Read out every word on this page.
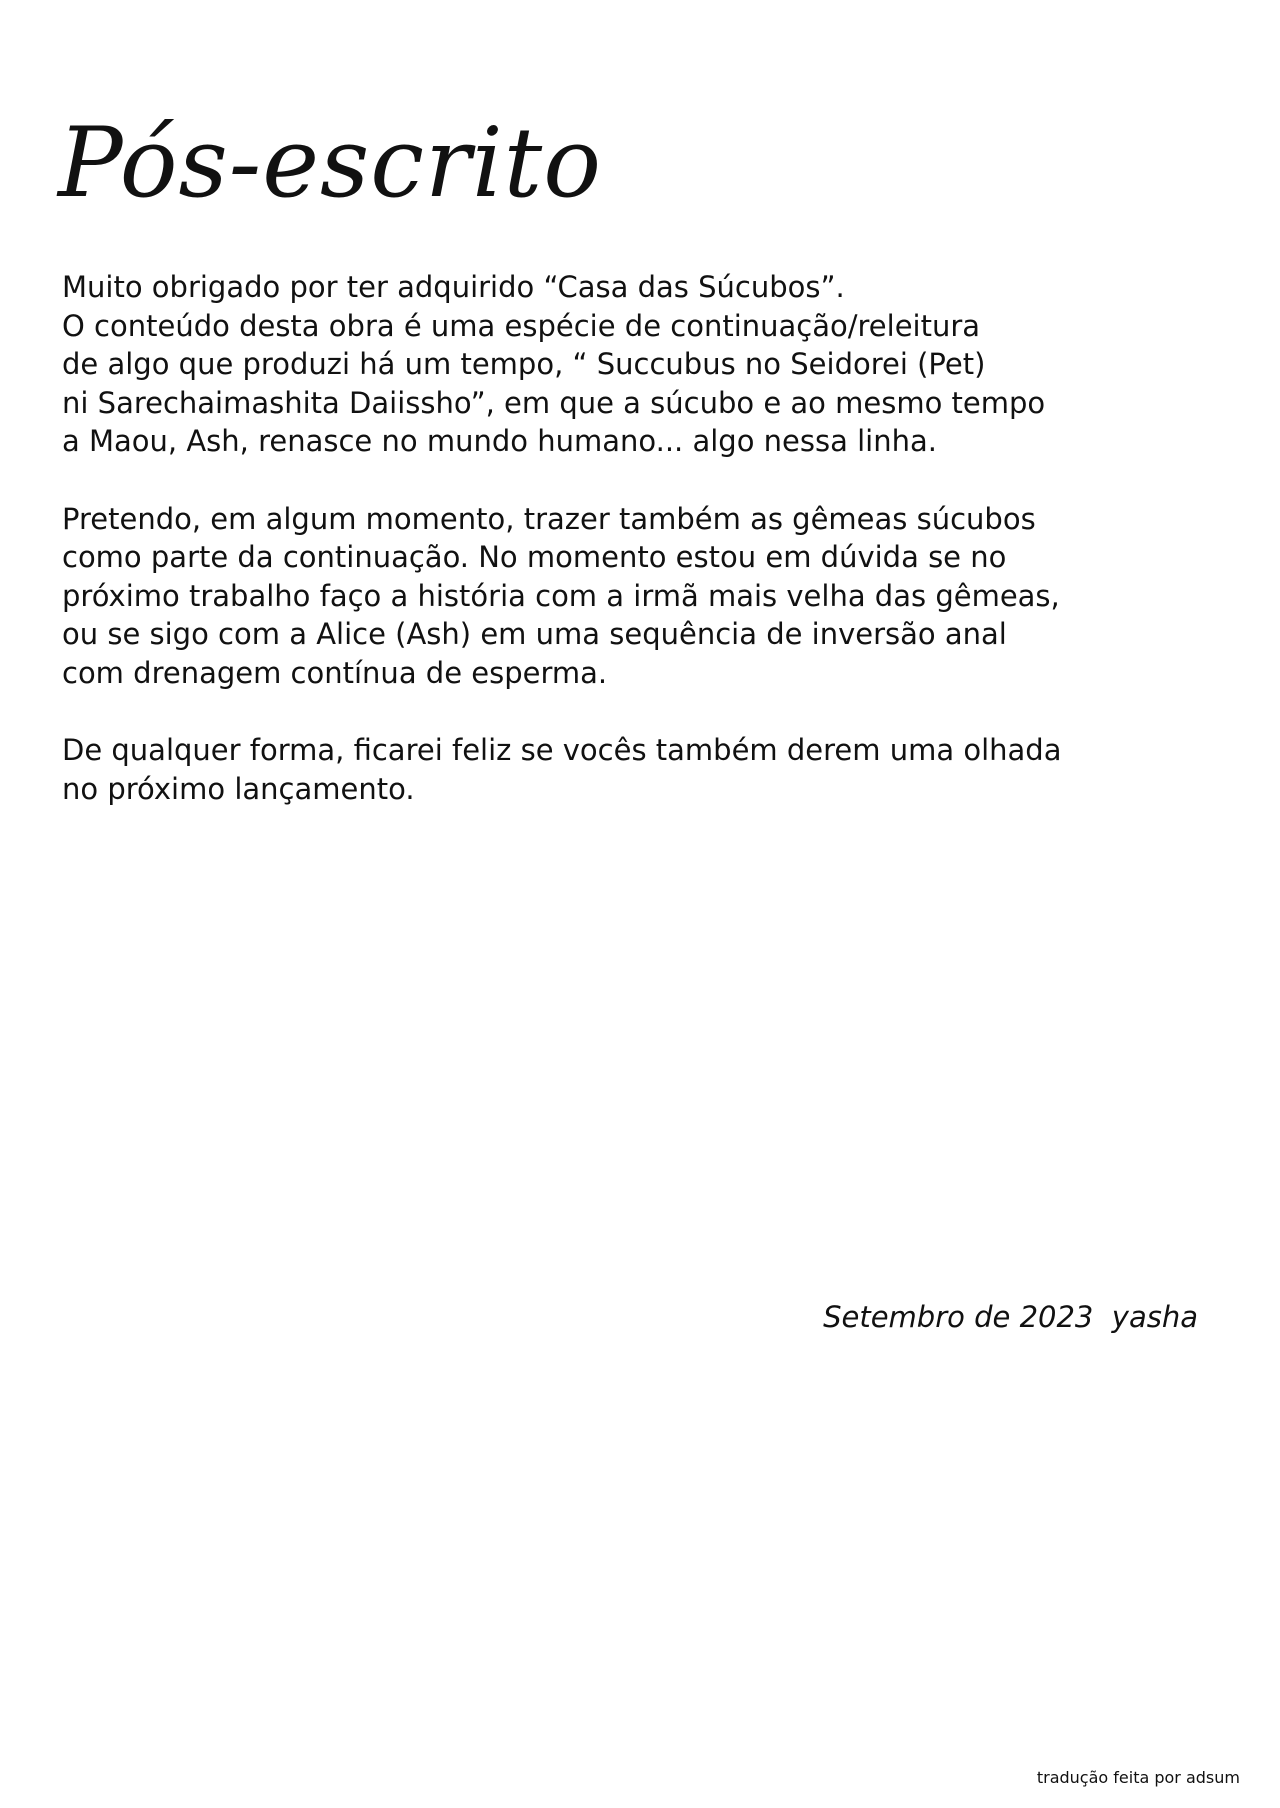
Pós-escrito

Muito obrigado por ter adquirido “Casa das Súcubos”.
O conteúdo desta obra é uma espécie de continuação/releitura
de algo que produzi há um tempo, “ Succubus no Seidorei (Pet)
ni Sarechaimashita Daiissho”, em que a súcubo e ao mesmo tempo
a Maou, Ash, renasce no mundo humano... algo nessa linha.

Pretendo, em algum momento, trazer também as gêmeas súcubos
como parte da continuação. No momento estou em dúvida se no
próximo trabalho faço a história com a irmã mais velha das gêmeas,
ou se sigo com a Alice (Ash) em uma sequência de inversão anal
com drenagem contínua de esperma.

De qualquer forma, ficarei feliz se vocês também derem uma olhada
no próximo lançamento.

Setembro de 2023  yasha
tradução feita por adsum
